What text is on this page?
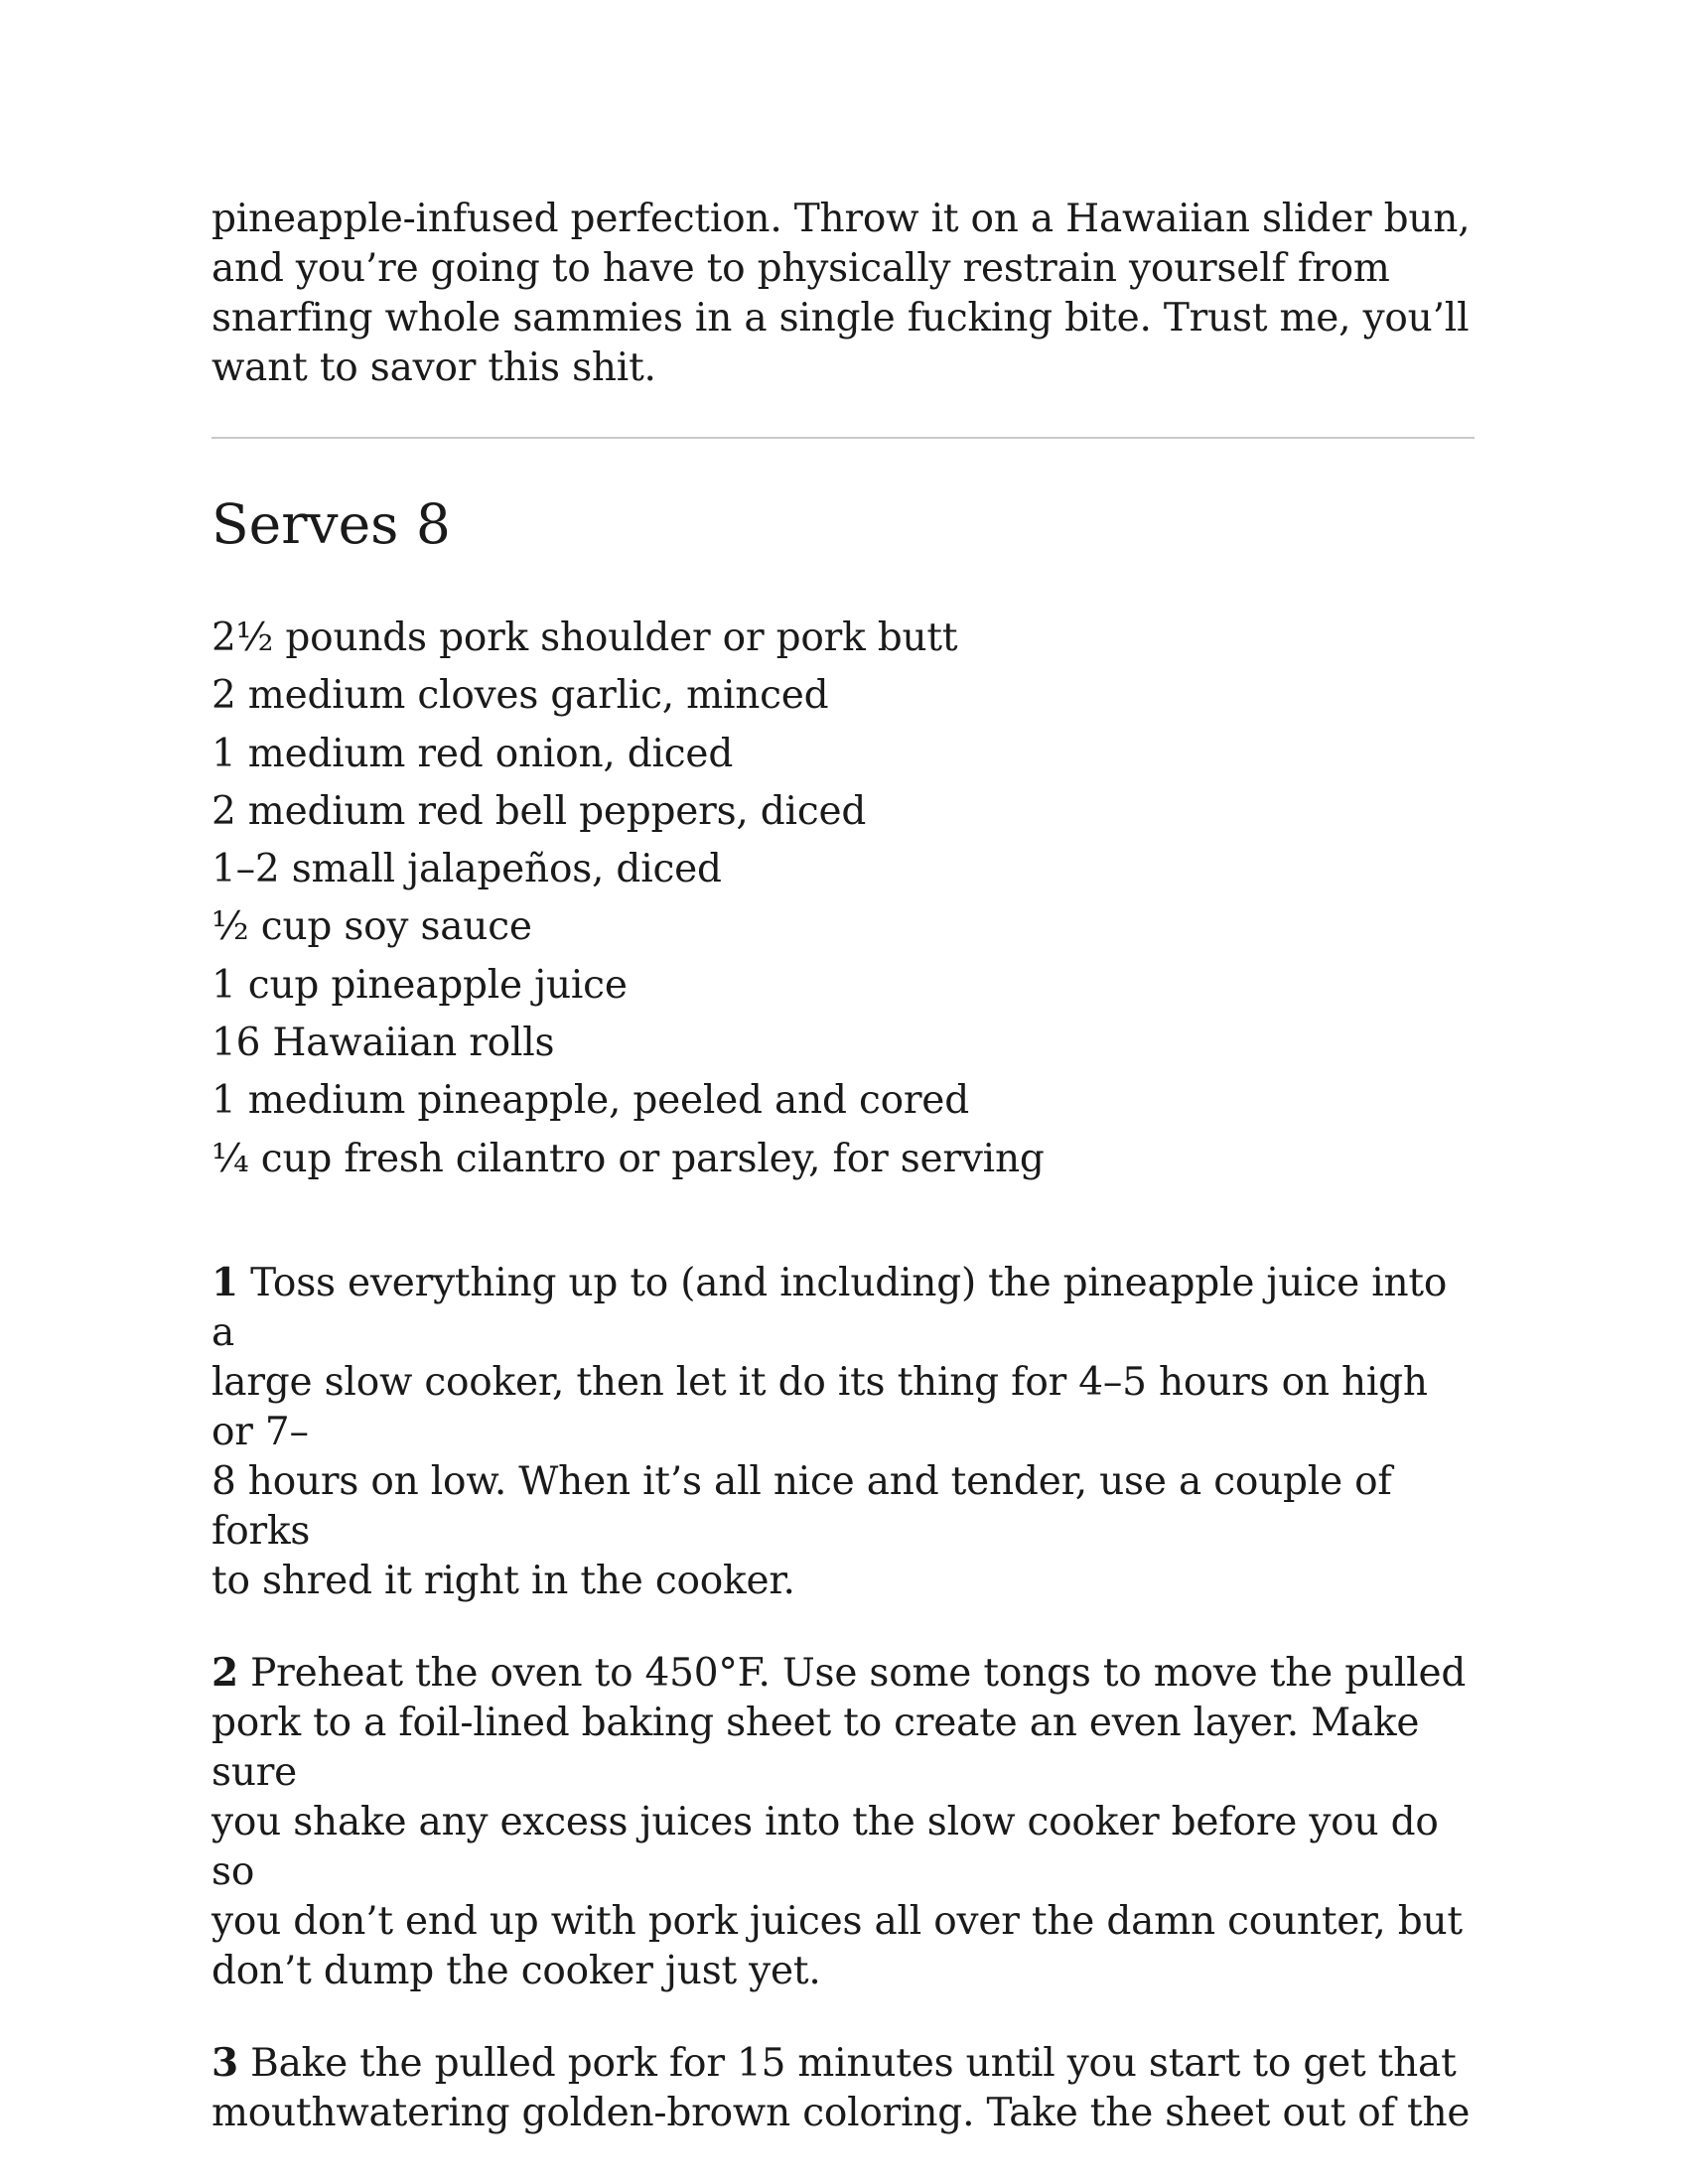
pineapple-infused perfection. Throw it on a Hawaiian slider bun,
and you’re going to have to physically restrain yourself from
snarfing whole sammies in a single fucking bite. Trust me, you’ll
want to savor this shit.

Serves 8
2½ pounds pork shoulder or pork butt
2 medium cloves garlic, minced
1 medium red onion, diced
2 medium red bell peppers, diced
1–2 small jalapeños, diced
½ cup soy sauce
1 cup pineapple juice
16 Hawaiian rolls
1 medium pineapple, peeled and cored
¼ cup fresh cilantro or parsley, for serving

1 Toss everything up to (and including) the pineapple juice into a
large slow cooker, then let it do its thing for 4–5 hours on high or 7–
8 hours on low. When it’s all nice and tender, use a couple of forks
to shred it right in the cooker.

2 Preheat the oven to 450°F. Use some tongs to move the pulled
pork to a foil-lined baking sheet to create an even layer. Make sure
you shake any excess juices into the slow cooker before you do so
you don’t end up with pork juices all over the damn counter, but
don’t dump the cooker just yet.

3 Bake the pulled pork for 15 minutes until you start to get that
mouthwatering golden-brown coloring. Take the sheet out of the
